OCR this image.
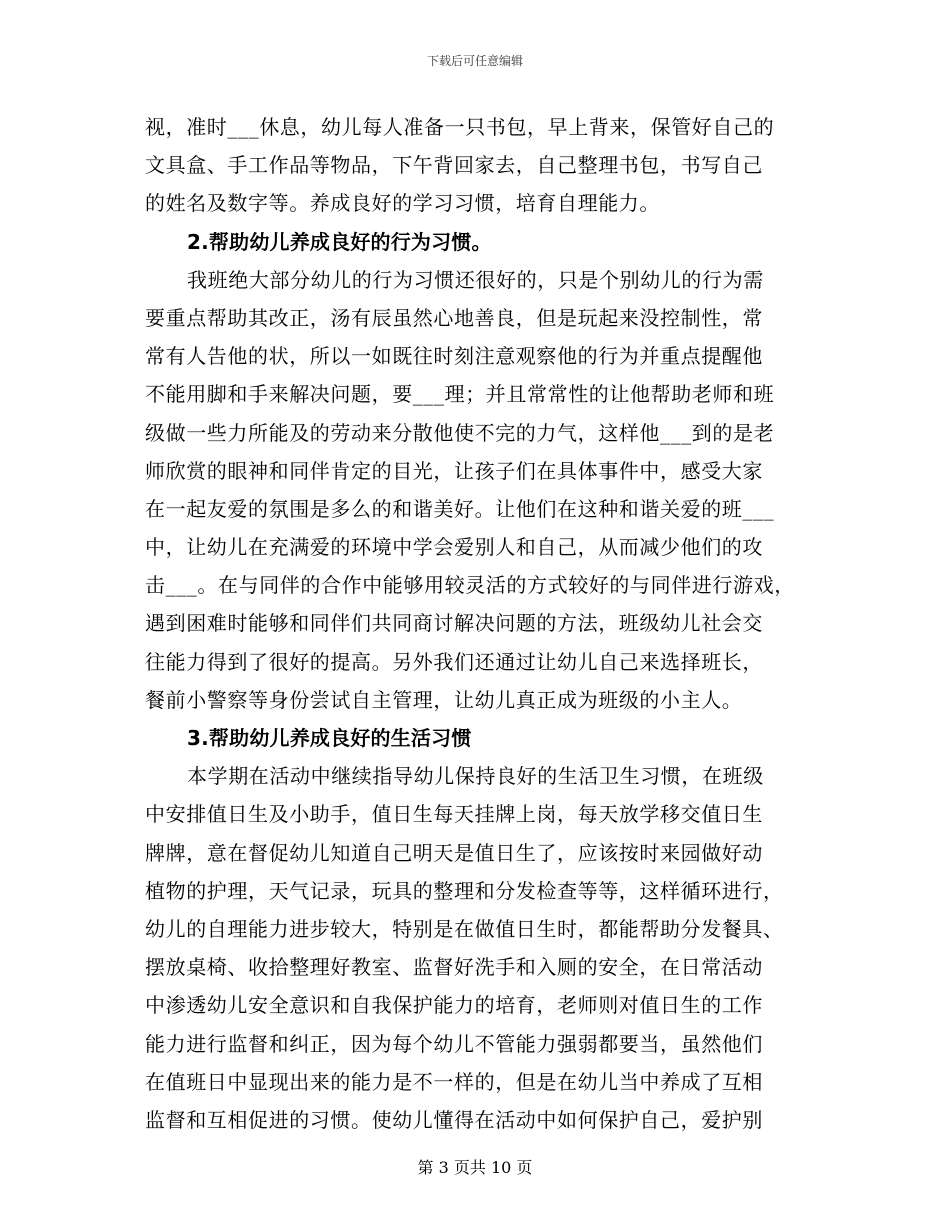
下载后可任意编辑
视，准时___休息，幼儿每人准备一只书包，早上背来，保管好自己的
文具盒、手工作品等物品，下午背回家去，自己整理书包，书写自己
的姓名及数字等。养成良好的学习习惯，培育自理能力。
2.帮助幼儿养成良好的行为习惯。
我班绝大部分幼儿的行为习惯还很好的，只是个别幼儿的行为需
要重点帮助其改正，汤有辰虽然心地善良，但是玩起来没控制性，常
常有人告他的状，所以一如既往时刻注意观察他的行为并重点提醒他
不能用脚和手来解决问题，要___理；并且常常性的让他帮助老师和班
级做一些力所能及的劳动来分散他使不完的力气，这样他___到的是老
师欣赏的眼神和同伴肯定的目光，让孩子们在具体事件中，感受大家
在一起友爱的氛围是多么的和谐美好。让他们在这种和谐关爱的班___
中，让幼儿在充满爱的环境中学会爱别人和自己，从而减少他们的攻
击___。在与同伴的合作中能够用较灵活的方式较好的与同伴进行游戏，
遇到困难时能够和同伴们共同商讨解决问题的方法，班级幼儿社会交
往能力得到了很好的提高。另外我们还通过让幼儿自己来选择班长，
餐前小警察等身份尝试自主管理，让幼儿真正成为班级的小主人。
3.帮助幼儿养成良好的生活习惯
本学期在活动中继续指导幼儿保持良好的生活卫生习惯，在班级
中安排值日生及小助手，值日生每天挂牌上岗，每天放学移交值日生
牌牌，意在督促幼儿知道自己明天是值日生了，应该按时来园做好动
植物的护理，天气记录，玩具的整理和分发检查等等，这样循环进行，
幼儿的自理能力进步较大，特别是在做值日生时，都能帮助分发餐具、
摆放桌椅、收拾整理好教室、监督好洗手和入厕的安全，在日常活动
中渗透幼儿安全意识和自我保护能力的培育，老师则对值日生的工作
能力进行监督和纠正，因为每个幼儿不管能力强弱都要当，虽然他们
在值班日中显现出来的能力是不一样的，但是在幼儿当中养成了互相
监督和互相促进的习惯。使幼儿懂得在活动中如何保护自己，爱护别
第 3 页共 10 页
